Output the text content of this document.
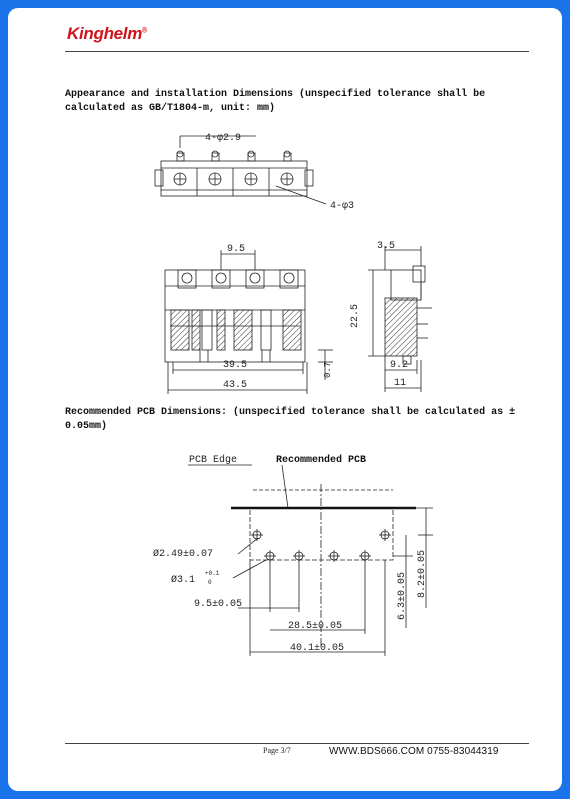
Kinghelm®
Appearance and installation Dimensions (unspecified tolerance shall be calculated as GB/T1804-m, unit: mm)
4-φ2.9
4-φ3
9.5
39.5
43.5
0.7
3.5
22.5
9.2
11
PCB Edge	Recommended PCB
Ø2.49±0.07
Ø3.1
+0.1
0
9.5±0.05
28.5±0.05
40.1±0.05
6.3±0.05 8.2±0.05
Recommended PCB Dimensions: (unspecified tolerance shall be calculated as ± 0.05mm)
Page 3/7	WWW.BDS666.COM 0755-83044319
